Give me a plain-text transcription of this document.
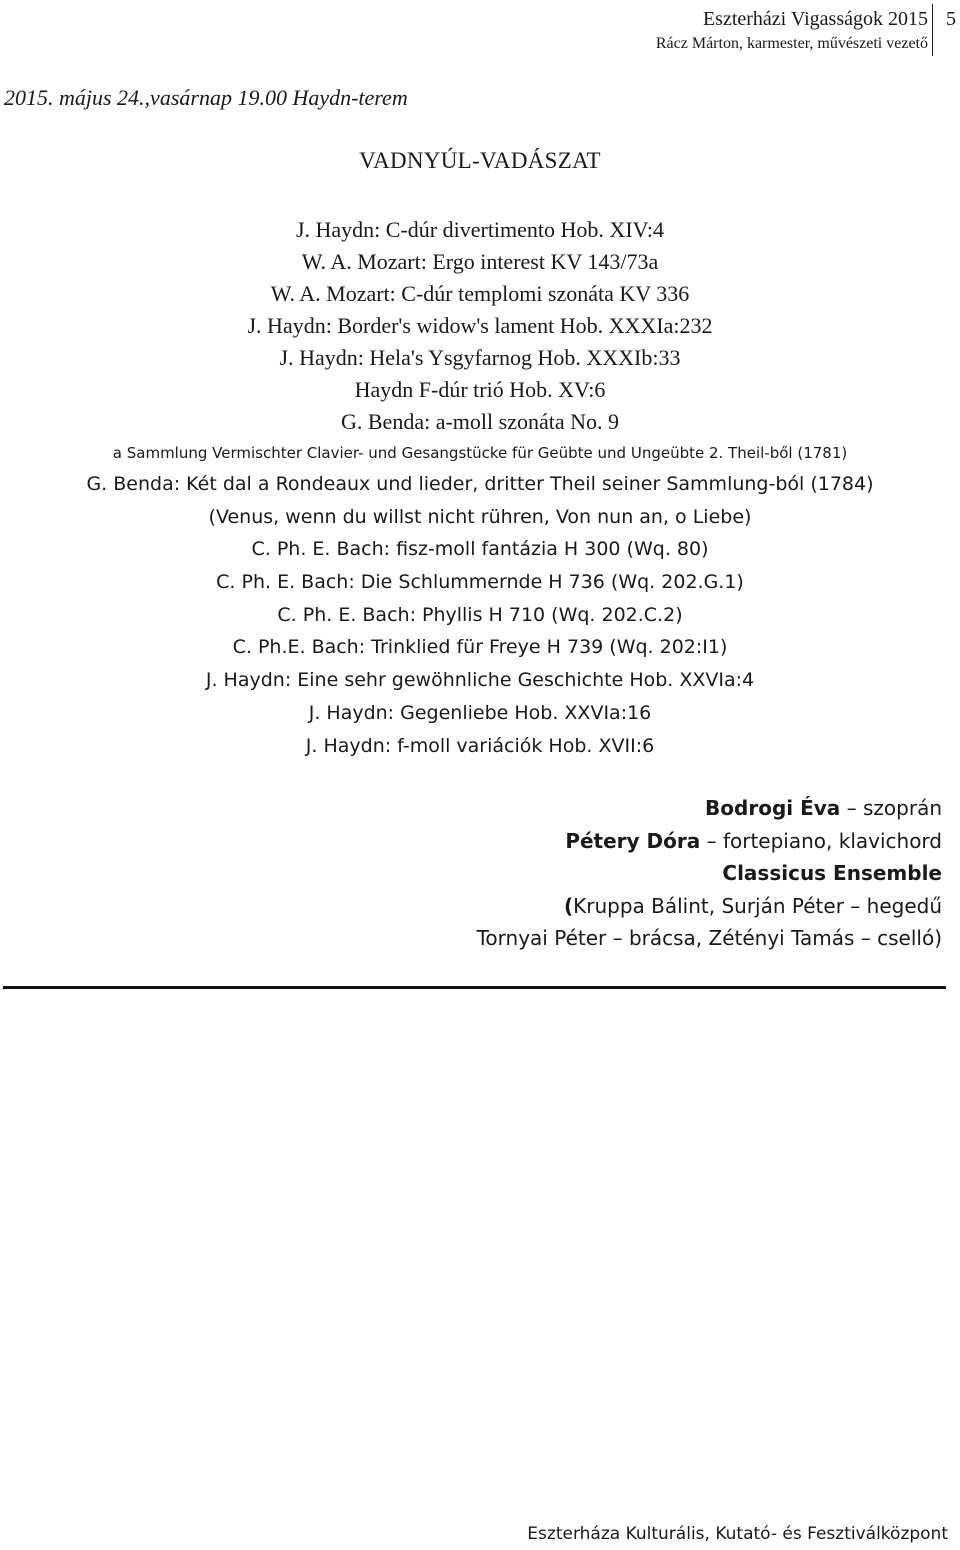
Eszterházi Vigasságok 2015
Rácz Márton, karmester, művészeti vezető
5
2015. május 24.,vasárnap 19.00 Haydn-terem
VADNYÚL-VADÁSZAT
J. Haydn: C-dúr divertimento Hob. XIV:4
W. A. Mozart: Ergo interest KV 143/73a
W. A. Mozart: C-dúr templomi szonáta KV 336
J. Haydn: Border's widow's lament Hob. XXXIa:232
J. Haydn: Hela's Ysgyfarnog Hob. XXXIb:33
Haydn F-dúr trió Hob. XV:6
G. Benda: a-moll szonáta No. 9
a Sammlung Vermischter Clavier- und Gesangstücke für Geübte und Ungeübte 2. Theil-ből (1781)
G. Benda: Két dal a Rondeaux und lieder, dritter Theil seiner Sammlung-ból (1784)
(Venus, wenn du willst nicht rühren, Von nun an, o Liebe)
C. Ph. E. Bach: fisz-moll fantázia H 300 (Wq. 80)
C. Ph. E. Bach: Die Schlummernde H 736 (Wq. 202.G.1)
C. Ph. E. Bach: Phyllis H 710 (Wq. 202.C.2)
C. Ph.E. Bach: Trinklied für Freye H 739 (Wq. 202:I1)
J. Haydn: Eine sehr gewöhnliche Geschichte Hob. XXVIa:4
J. Haydn: Gegenliebe Hob. XXVIa:16
J. Haydn: f-moll variációk Hob. XVII:6
Bodrogi Éva – szoprán
Pétery Dóra – fortepiano, klavichord
Classicus Ensemble
(Kruppa Bálint, Surján Péter – hegedű
Tornyai Péter – brácsa, Zétényi Tamás – cselló)
Eszterháza Kulturális, Kutató- és Fesztiválközpont
